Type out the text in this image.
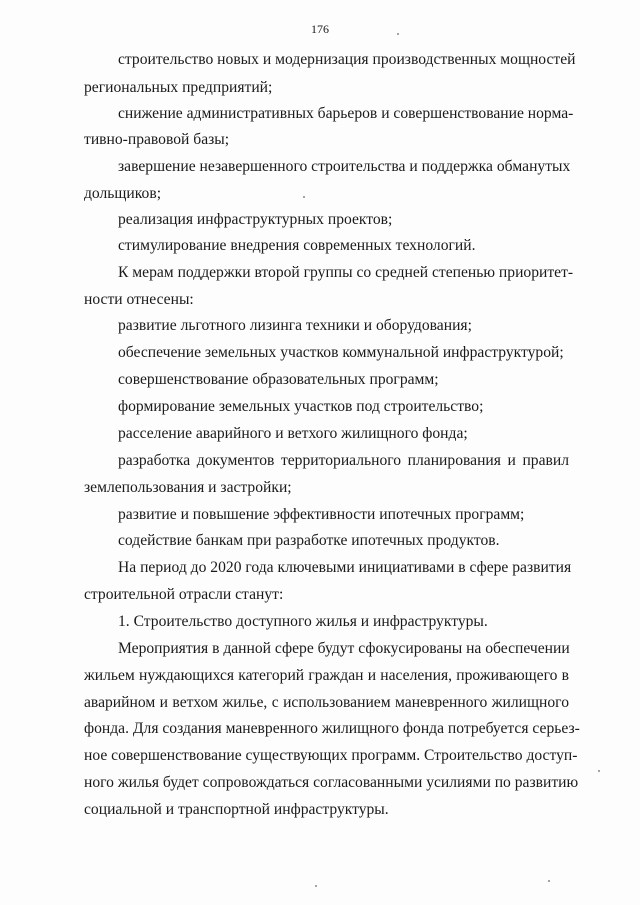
176
строительство новых и модернизация производственных мощностей
региональных предприятий;
снижение административных барьеров и совершенствование норма-
тивно-правовой базы;
завершение незавершенного строительства и поддержка обманутых
дольщиков;
реализация инфраструктурных проектов;
стимулирование внедрения современных технологий.
К мерам поддержки второй группы со средней степенью приоритет-
ности отнесены:
развитие льготного лизинга техники и оборудования;
обеспечение земельных участков коммунальной инфраструктурой;
совершенствование образовательных программ;
формирование земельных участков под строительство;
расселение аварийного и ветхого жилищного фонда;
разработка документов территориального планирования и правил
землепользования и застройки;
развитие и повышение эффективности ипотечных программ;
содействие банкам при разработке ипотечных продуктов.
На период до 2020 года ключевыми инициативами в сфере развития
строительной отрасли станут:
1. Строительство доступного жилья и инфраструктуры.
Мероприятия в данной сфере будут сфокусированы на обеспечении
жильем нуждающихся категорий граждан и населения, проживающего в
аварийном и ветхом жилье, с использованием маневренного жилищного
фонда. Для создания маневренного жилищного фонда потребуется серьез-
ное совершенствование существующих программ. Строительство доступ-
ного жилья будет сопровождаться согласованными усилиями по развитию
социальной и транспортной инфраструктуры.
